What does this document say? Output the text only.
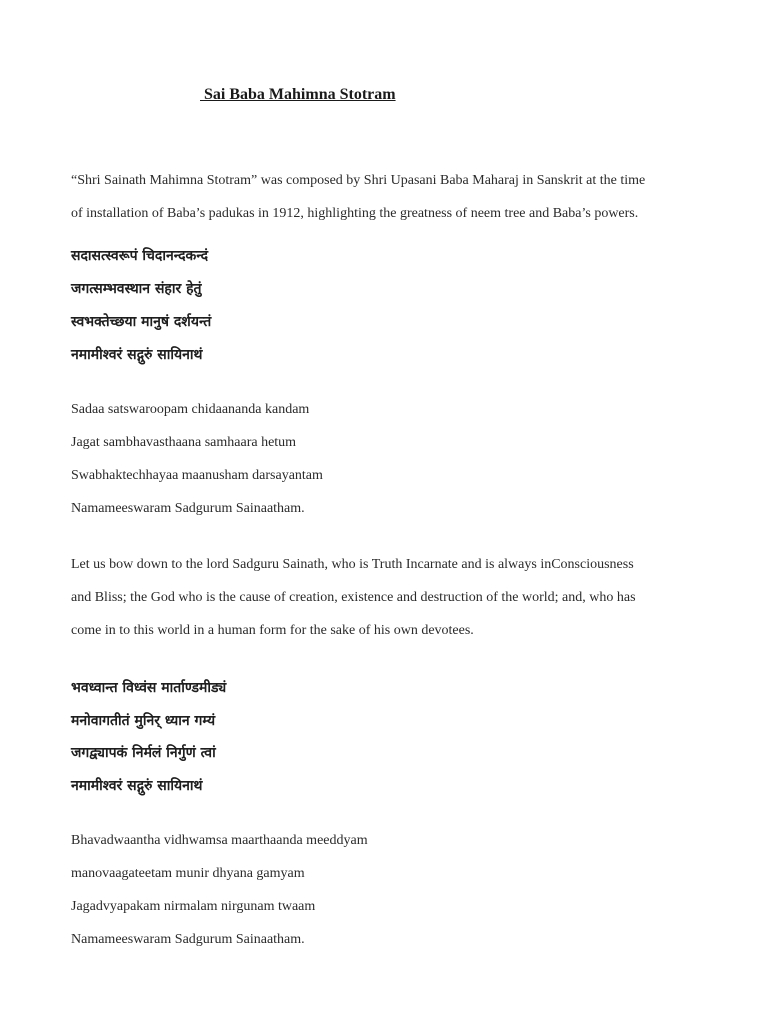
Sai Baba Mahimna Stotram
“Shri Sainath Mahimna Stotram” was composed by Shri Upasani Baba Maharaj in Sanskrit at the time
of installation of Baba’s padukas in 1912, highlighting the greatness of neem tree and Baba’s powers.
सदासत्स्वरूपं चिदानन्दकन्दं
जगत्सम्भवस्थान संहार हेतुं
स्वभक्तेच्छया मानुषं दर्शयन्तं
नमामीश्वरं सद्गुरुं सायिनाथं
Sadaa satswaroopam chidaananda kandam
Jagat sambhavasthaana samhaara hetum
Swabhaktechhayaa maanusham darsayantam
Namameeswaram Sadgurum Sainaatham.
Let us bow down to the lord Sadguru Sainath, who is Truth Incarnate and is always inConsciousness
and Bliss; the God who is the cause of creation, existence and destruction of the world; and, who has
come in to this world in a human form for the sake of his own devotees.
भवध्वान्त विध्वंस मार्ताण्डमीड्यं
मनोवागतीतं मुनिर् ध्यान गम्यं
जगद्व्यापकं निर्मलं निर्गुणं त्वां
नमामीश्वरं सद्गुरुं सायिनाथं
Bhavadwaantha vidhwamsa maarthaanda meeddyam
manovaagateetam munir dhyana gamyam
Jagadvyapakam nirmalam nirgunam twaam
Namameeswaram Sadgurum Sainaatham.
